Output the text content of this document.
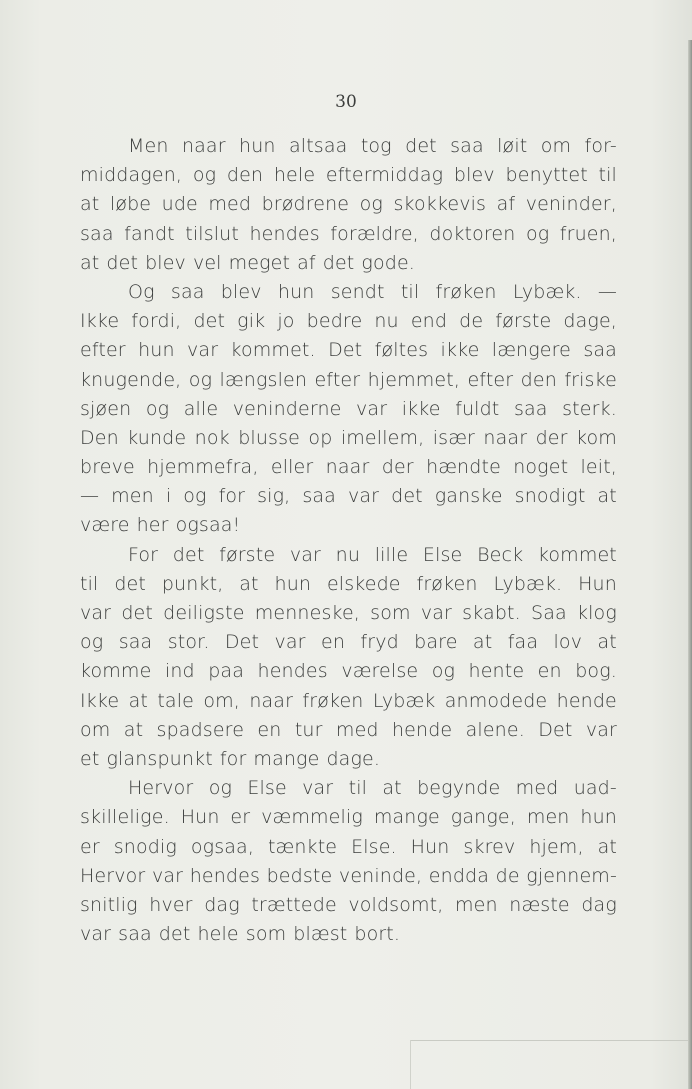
30

Men naar hun altsaa tog det saa løit om for-
middagen, og den hele eftermiddag blev benyttet til
at løbe ude med brødrene og skokkevis af veninder,
saa fandt tilslut hendes forældre, doktoren og fruen,
at det blev vel meget af det gode.
Og saa blev hun sendt til frøken Lybæk. —
Ikke fordi, det gik jo bedre nu end de første dage,
efter hun var kommet. Det føltes ikke længere saa
knugende, og længslen efter hjemmet, efter den friske
sjøen og alle veninderne var ikke fuldt saa sterk.
Den kunde nok blusse op imellem, især naar der kom
breve hjemmefra, eller naar der hændte noget leit,
— men i og for sig, saa var det ganske snodigt at
være her ogsaa!
For det første var nu lille Else Beck kommet
til det punkt, at hun elskede frøken Lybæk. Hun
var det deiligste menneske, som var skabt. Saa klog
og saa stor. Det var en fryd bare at faa lov at
komme ind paa hendes værelse og hente en bog.
Ikke at tale om, naar frøken Lybæk anmodede hende
om at spadsere en tur med hende alene. Det var
et glanspunkt for mange dage.
Hervor og Else var til at begynde med uad-
skillelige. Hun er væmmelig mange gange, men hun
er snodig ogsaa, tænkte Else. Hun skrev hjem, at
Hervor var hendes bedste veninde, endda de gjennem-
snitlig hver dag trættede voldsomt, men næste dag
var saa det hele som blæst bort.
